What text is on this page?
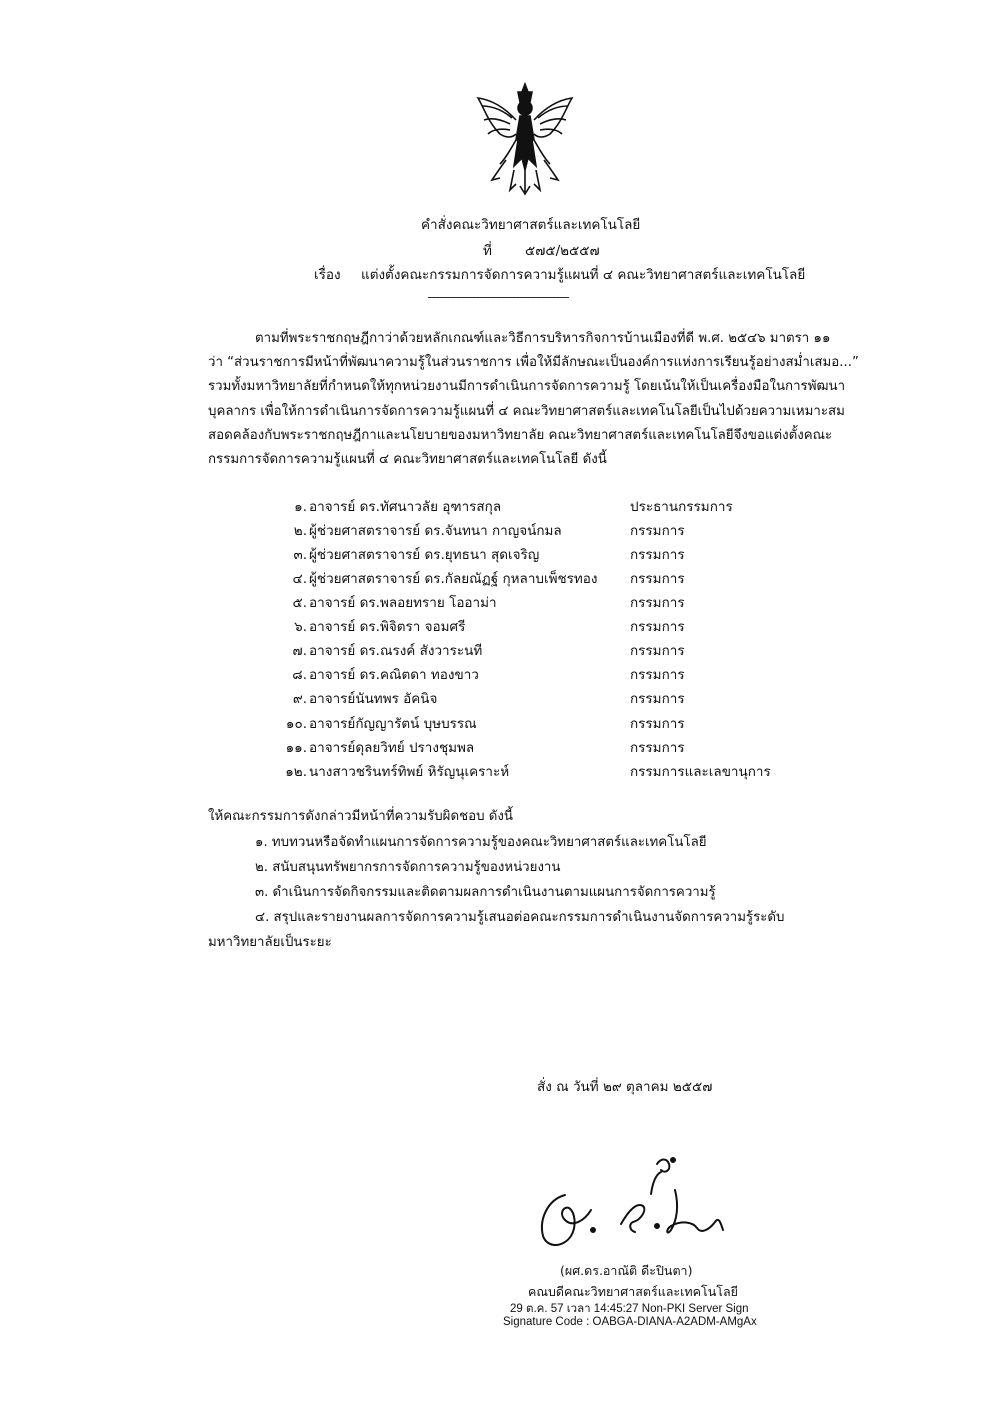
คำสั่งคณะวิทยาศาสตร์และเทคโนโลยี
ที่ ๕๗๕/๒๕๕๗
เรื่อง แต่งตั้งคณะกรรมการจัดการความรู้แผนที่ ๔ คณะวิทยาศาสตร์และเทคโนโลยี
____________________________
ตามที่พระราชกฤษฎีกาว่าด้วยหลักเกณฑ์และวิธีการบริหารกิจการบ้านเมืองที่ดี พ.ศ. ๒๕๔๖ มาตรา ๑๑
ว่า “ส่วนราชการมีหน้าที่พัฒนาความรู้ในส่วนราชการ เพื่อให้มีลักษณะเป็นองค์การแห่งการเรียนรู้อย่างสม่ำเสมอ...”
รวมทั้งมหาวิทยาลัยที่กำหนดให้ทุกหน่วยงานมีการดำเนินการจัดการความรู้ โดยเน้นให้เป็นเครื่องมือในการพัฒนา
บุคลากร เพื่อให้การดำเนินการจัดการความรู้แผนที่ ๔ คณะวิทยาศาสตร์และเทคโนโลยีเป็นไปด้วยความเหมาะสม
สอดคล้องกับพระราชกฤษฎีกาและนโยบายของมหาวิทยาลัย คณะวิทยาศาสตร์และเทคโนโลยีจึงขอแต่งตั้งคณะ
กรรมการจัดการความรู้แผนที่ ๔ คณะวิทยาศาสตร์และเทคโนโลยี ดังนี้
๑. อาจารย์ ดร.ทัศนาวลัย อุฑารสกุล	ประธานกรรมการ
๒. ผู้ช่วยศาสตราจารย์ ดร.จันทนา กาญจน์กมล	กรรมการ
๓. ผู้ช่วยศาสตราจารย์ ดร.ยุทธนา สุดเจริญ	กรรมการ
๔. ผู้ช่วยศาสตราจารย์ ดร.กัลยณัฏฐ์ กุหลาบเพ็ชรทอง กรรมการ
๕. อาจารย์ ดร.พลอยทราย โออาม่า	กรรมการ
๖. อาจารย์ ดร.พิจิตรา จอมศรี	กรรมการ
๗. อาจารย์ ดร.ณรงค์ สังวาระนที	กรรมการ
๘. อาจารย์ ดร.คณิตดา ทองขาว	กรรมการ
๙. อาจารย์นันทพร อัคนิจ	กรรมการ
๑๐. อาจารย์กัญญารัตน์ บุษบรรณ	กรรมการ
๑๑. อาจารย์ดุลยวิทย์ ปรางชุมพล	กรรมการ
๑๒. นางสาวชรินทร์ทิพย์ หิรัญนุเคราะห์	กรรมการและเลขานุการ
ให้คณะกรรมการดังกล่าวมีหน้าที่ความรับผิดชอบ ดังนี้
๑. ทบทวนหรือจัดทำแผนการจัดการความรู้ของคณะวิทยาศาสตร์และเทคโนโลยี
๒. สนับสนุนทรัพยากรการจัดการความรู้ของหน่วยงาน
๓. ดำเนินการจัดกิจกรรมและติดตามผลการดำเนินงานตามแผนการจัดการความรู้
๔. สรุปและรายงานผลการจัดการความรู้เสนอต่อคณะกรรมการดำเนินงานจัดการความรู้ระดับ
มหาวิทยาลัยเป็นระยะ
สั่ง ณ วันที่ ๒๙ ตุลาคม ๒๕๕๗
(ผศ.ดร.อาณัติ ดีะปินตา)
คณบดีคณะวิทยาศาสตร์และเทคโนโลยี
29 ต.ค. 57 เวลา 14:45:27 Non-PKI Server Sign
Signature Code : OABGA-DIANA-A2ADM-AMgAx
